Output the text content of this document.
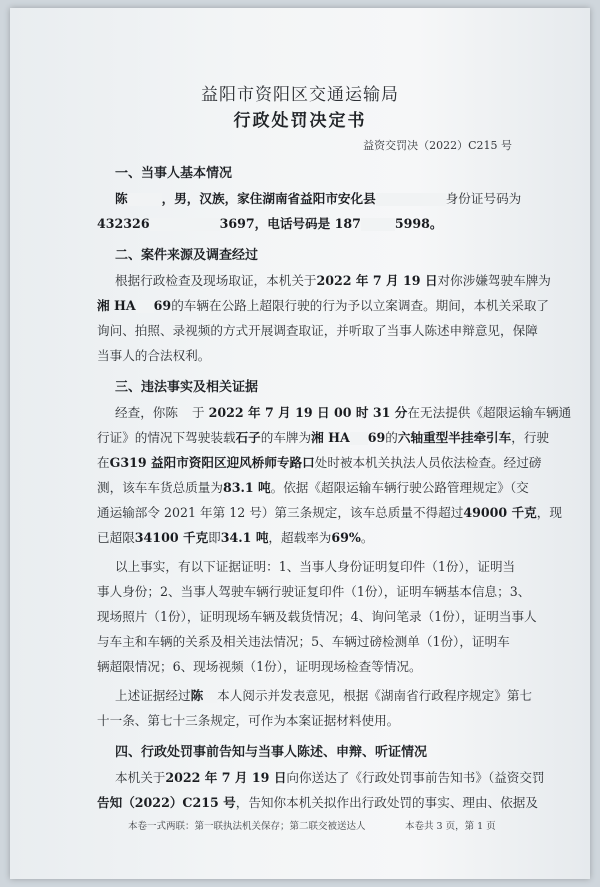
益阳市资阳区交通运输局
行政处罚决定书
益资交罚决（2022）C215 号
一、当事人基本情况
陈	，男，汉族，家住湖南省益阳市安化县	身份证号码为
432326	3697，电话号码是 187	5998。
二、案件来源及调查经过
根据行政检查及现场取证，本机关于2022 年 7 月 19 日对你涉嫌驾驶车牌为
湘 HA 69的车辆在公路上超限行驶的行为予以立案调查。期间，本机关采取了
询问、拍照、录视频的方式开展调查取证，并听取了当事人陈述申辩意见，保障
当事人的合法权利。
三、违法事实及相关证据
经查，你陈 于 2022 年 7 月 19 日 00 时 31 分在无法提供《超限运输车辆通
行证》的情况下驾驶装载石子的车牌为湘 HA 69的六轴重型半挂牵引车，行驶
在G319 益阳市资阳区迎风桥师专路口处时被本机关执法人员依法检查。经过磅
测，该车车货总质量为83.1 吨。依据《超限运输车辆行驶公路管理规定》（交
通运输部令 2021 年第 12 号）第三条规定，该车总质量不得超过49000 千克，现
已超限34100 千克即34.1 吨，超载率为69%。
以上事实，有以下证据证明：1、当事人身份证明复印件（1份），证明当
事人身份；2、当事人驾驶车辆行驶证复印件（1份），证明车辆基本信息；3、
现场照片（1份），证明现场车辆及载货情况；4、询问笔录（1份），证明当事人
与车主和车辆的关系及相关违法情况；5、车辆过磅检测单（1份），证明车
辆超限情况；6、现场视频（1份），证明现场检查等情况。
上述证据经过陈 本人阅示并发表意见，根据《湖南省行政程序规定》第七
十一条、第七十三条规定，可作为本案证据材料使用。
四、行政处罚事前告知与当事人陈述、申辩、听证情况
本机关于2022 年 7 月 19 日向你送达了《行政处罚事前告知书》（益资交罚
告知（2022）C215 号，告知你本机关拟作出行政处罚的事实、理由、依据及
本卷一式两联：第一联执法机关保存；第二联交被送达人	本卷共 3 页，第 1 页
